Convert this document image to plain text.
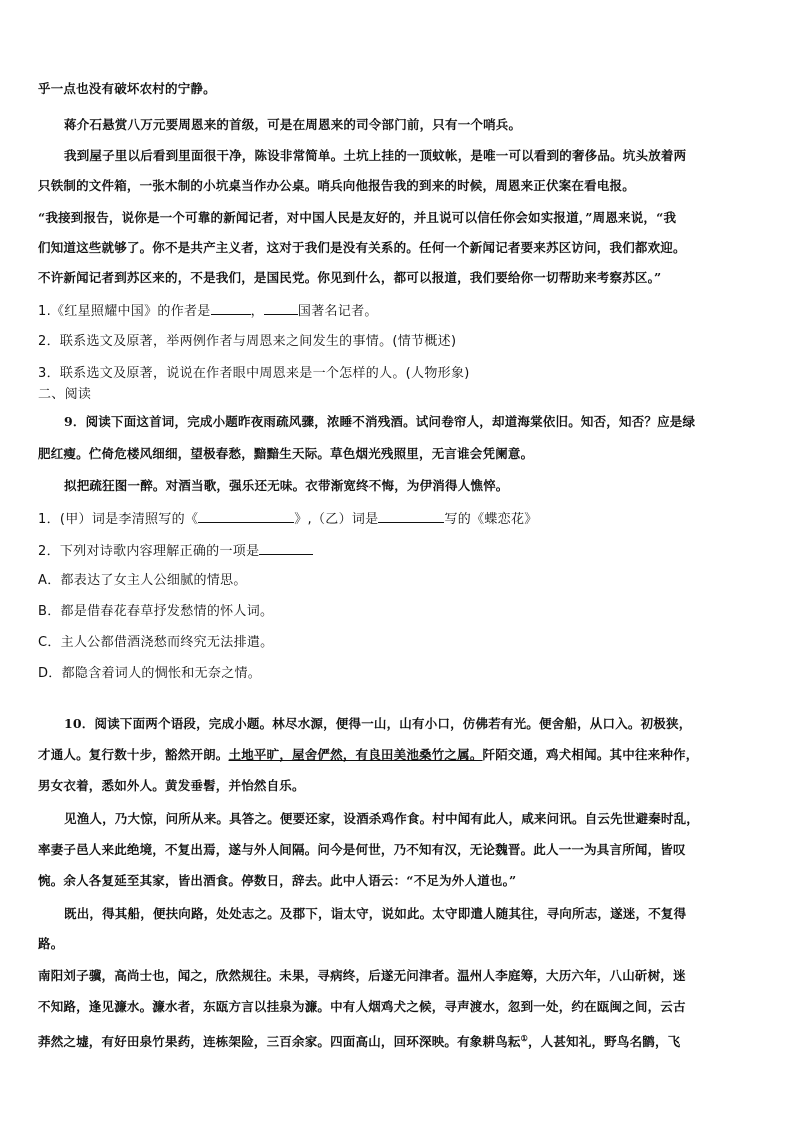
乎一点也没有破坏农村的宁静。
蒋介石悬赏八万元要周恩来的首级，可是在周恩来的司令部门前，只有一个哨兵。
我到屋子里以后看到里面很干净，陈设非常简单。土坑上挂的一顶蚊帐，是唯一可以看到的奢侈品。坑头放着两
只铁制的文件箱，一张木制的小坑桌当作办公桌。哨兵向他报告我的到来的时候，周恩来正伏案在看电报。
“我接到报告，说你是一个可靠的新闻记者，对中国人民是友好的，并且说可以信任你会如实报道，”周恩来说，“我
们知道这些就够了。你不是共产主义者，这对于我们是没有关系的。任何一个新闻记者要来苏区访问，我们都欢迎。
不许新闻记者到苏区来的，不是我们，是国民党。你见到什么，都可以报道，我们要给你一切帮助来考察苏区。”
1.《红星照耀中国》的作者是	，	国著名记者。
2．联系选文及原著，举两例作者与周恩来之间发生的事情。(情节概述)
3．联系选文及原著，说说在作者眼中周恩来是一个怎样的人。(人物形象)
二、阅读
9．阅读下面这首词，完成小题昨夜雨疏风骤，浓睡不消残酒。试问卷帘人，却道海棠依旧。知否，知否？应是绿
肥红瘦。伫倚危楼风细细，望极春愁，黯黯生天际。草色烟光残照里，无言谁会凭阑意。
拟把疏狂图一醉。对酒当歌，强乐还无味。衣带渐宽终不悔，为伊消得人憔悴。
1．(甲）词是李清照写的《	》,（乙）词是	写的《蝶恋花》
2．下列对诗歌内容理解正确的一项是
A．都表达了女主人公细腻的情思。
B．都是借春花春草抒发愁情的怀人词。
C．主人公都借酒浇愁而终究无法排遣。
D．都隐含着词人的惆怅和无奈之情。
10．阅读下面两个语段，完成小题。林尽水源，便得一山，山有小口，仿佛若有光。便舍船，从口入。初极狭，
才通人。复行数十步，豁然开朗。土地平旷，屋舍俨然，有良田美池桑竹之属。阡陌交通，鸡犬相闻。其中往来种作，
男女衣着，悉如外人。黄发垂髫，并怡然自乐。
见渔人，乃大惊，问所从来。具答之。便要还家，设酒杀鸡作食。村中闻有此人，咸来问讯。自云先世避秦时乱，
率妻子邑人来此绝境，不复出焉，遂与外人间隔。问今是何世，乃不知有汉，无论魏晋。此人一一为具言所闻，皆叹
惋。余人各复延至其家，皆出酒食。停数日，辞去。此中人语云：“不足为外人道也。”
既出，得其船，便扶向路，处处志之。及郡下，诣太守，说如此。太守即遣人随其往，寻向所志，遂迷，不复得
路。
南阳刘子骥，高尚士也，闻之，欣然规往。未果，寻病终，后遂无问津者。温州人李庭筹，大历六年，八山斫树，迷
不知路，逢见濂水。濂水者，东瓯方言以挂泉为濂。中有人烟鸡犬之候，寻声渡水，忽到一处，约在瓯闽之间，云古
莽然之墟，有好田泉竹果药，连栋架险，三百余家。四面高山，回环深映。有象耕鸟耘①，人甚知礼，野鸟名鹠，飞
